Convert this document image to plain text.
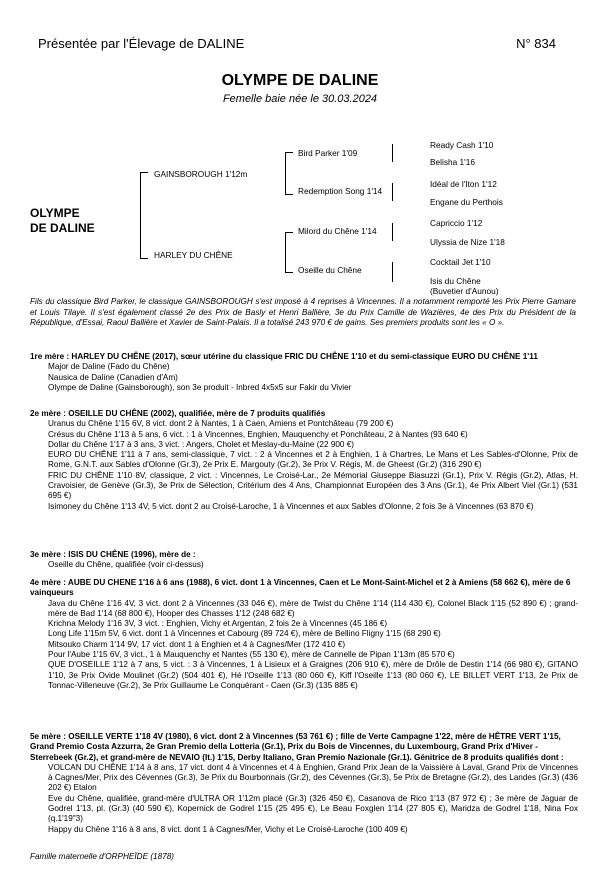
Présentée par l'Élevage de DALINE	N° 834
OLYMPE DE DALINE
Femelle baie née le 30.03.2024
OLYMPE
DE DALINE
GAINSBOROUGH 1'12m
HARLEY DU CHÊNE
Bird Parker 1'09
Redemption Song 1'14
Milord du Chêne 1'14
Oseille du Chêne
Ready Cash 1'10
Belisha 1'16
Idéal de l'Iton 1'12
Engane du Perthois
Capriccio 1'12
Ulyssia de Nize 1'18
Cocktail Jet 1'10
Isis du Chêne
(Buvetier d'Aunou)
Fils du classique Bird Parker, le classique GAINSBOROUGH s'est imposé à 4 reprises à Vincennes. Il a notamment remporté les Prix Pierre Gamare et Louis Tilaye. Il s'est également classé 2e des Prix de Basly et Henri Ballière, 3e du Prix Camille de Wazières, 4e des Prix du Président de la République, d'Essai, Raoul Ballière et Xavier de Saint-Palais. Il a totalisé 243 970 € de gains. Ses premiers produits sont les « O ».

1re mère : HARLEY DU CHÊNE (2017), sœur utérine du classique FRIC DU CHÊNE 1'10 et du semi-classique EURO DU CHÊNE 1'11

Major de Daline (Fado du Chêne)

Nausica de Daline (Canadien d'Am)

Olympe de Daline (Gainsborough), son 3e produit - Inbred 4x5x5 sur Fakir du Vivier

2e mère : OSEILLE DU CHÊNE (2002), qualifiée, mère de 7 produits qualifiés

Uranus du Chêne 1'15 6V, 8 vict. dont 2 à Nantes, 1 à Caen, Amiens et Pontchâteau (79 200 €)

Crésus du Chêne 1'13 à 5 ans, 6 vict. : 1 à Vincennes, Enghien, Mauquenchy et Ponchâteau, 2 à Nantes (93 640 €)

Dollar du Chêne 1'17 à 3 ans, 3 vict. : Angers, Cholet et Meslay-du-Maine (22 900 €)

EURO DU CHÊNE 1'11 à 7 ans, semi-classique, 7 vict. : 2 à Vincennes et 2 à Enghien, 1 à Chartres, Le Mans et Les Sables-d'Olonne, Prix de Rome, G.N.T. aux Sables d'Olonne (Gr.3), 2e Prix E. Margouty (Gr.2), 3e Prix V. Régis, M. de Gheest (Gr.2) (316 290 €)

FRIC DU CHÊNE 1'10 8V, classique, 2 vict. : Vincennes, Le Croisé-Lar., 2e Mémorial Giuseppe Biasuzzi (Gr.1), Prix V. Régis (Gr.2), Atlas, H. Cravoisier, de Genève (Gr.3), 3e Prix de Sélection, Critérium des 4 Ans, Championnat Européen des 3 Ans (Gr.1), 4e Prix Albert Viel (Gr.1) (531 695 €)

Isimoney du Chêne 1'13 4V, 5 vict. dont 2 au Croisé-Laroche, 1 à Vincennes et aux Sables d'Olonne, 2 fois 3e à Vincennes (63 870 €)

3e mère : ISIS DU CHÊNE (1996), mère de :

Oseille du Chêne, qualifiée (voir ci-dessus)

4e mère : AUBE DU CHENE 1'16 à 6 ans (1988), 6 vict. dont 1 à Vincennes, Caen et Le Mont-Saint-Michel et 2 à Amiens (58 662 €), mère de 6 vainqueurs

Java du Chêne 1'16 4V, 3 vict. dont 2 à Vincennes (33 046 €), mère de Twist du Chêne 1'14 (114 430 €), Colonel Black 1'15 (52 890 €) ; grand-mère de Bad 1'14 (68 800 €), Hooper des Chasses 1'12 (248 682 €)

Krichna Melody 1'16 3V, 3 vict. : Enghien, Vichy et Argentan, 2 fois 2e à Vincennes (45 186 €)

Long Life 1'15m 5V, 6 vict. dont 1 à Vincennes et Cabourg (89 724 €), mère de Bellino Fligny 1'15 (68 290 €)

Mitsouko Charm 1'14 9V, 17 vict. dont 1 à Enghien et 4 à Cagnes/Mer (172 410 €)

Pour l'Aube 1'15 6V, 3 vict., 1 à Mauquenchy et Nantes (55 130 €), mère de Cannelle de Pipan 1'13m (85 570 €)

QUE D'OSEILLE 1'12 à 7 ans, 5 vict. : 3 à Vincennes, 1 à Lisieux et à Graignes (206 910 €), mère de Drôle de Destin 1'14 (66 980 €), GITANO 1'10, 3e Prix Ovide Moulinet (Gr.2) (504 401 €), Hé l'Oseille 1'13 (80 060 €), Kiff l'Oseille 1'13 (80 060 €), LE BILLET VERT 1'13, 2e Prix de Tonnac-Villeneuve (Gr.2), 3e Prix Guillaume Le Conquérant - Caen (Gr.3) (135 885 €)

5e mère : OSEILLE VERTE 1'18 4V (1980), 6 vict. dont 2 à Vincennes (53 761 €) ; fille de Verte Campagne 1'22, mère de HÊTRE VERT 1'15, Grand Premio Costa Azzurra, 2e Gran Premio della Lotteria (Gr.1), Prix du Bois de Vincennes, du Luxembourg, Grand Prix d'Hiver - Sterrebeek (Gr.2), et grand-mère de NEVAIO (It.) 1'15, Derby Italiano, Gran Premio Nazionale (Gr.1). Génitrice de 8 produits qualifiés dont :

VOLCAN DU CHÊNE 1'14 à 8 ans, 17 vict. dont 4 à Vincennes et 4 à Enghien, Grand Prix Jean de la Vaissière à Laval, Grand Prix de Vincennes à Cagnes/Mer, Prix des Cévennes (Gr.3), 3e Prix du Bourbonnais (Gr.2), des Cévennes (Gr.3), 5e Prix de Bretagne (Gr.2), des Landes (Gr.3) (436 202 €) Etalon

Eve du Chêne, qualifiée, grand-mère d'ULTRA OR 1'12m placé (Gr.3) (326 450 €), Casanova de Rico 1'13 (87 972 €) ; 3e mère de Jaguar de Godrel 1'13, pl. (Gr.3) (40 590 €), Kopernick de Godrel 1'15 (25 495 €), Le Beau Foxglen 1'14 (27 805 €), Maridza de Godrel 1'18, Nina Fox (q.1'19"3)

Happy du Chêne 1'16 à 8 ans, 8 vict. dont 1 à Cagnes/Mer, Vichy et Le Croisé-Laroche (100 409 €)

Famille maternelle d'ORPHEÏDE (1878)
